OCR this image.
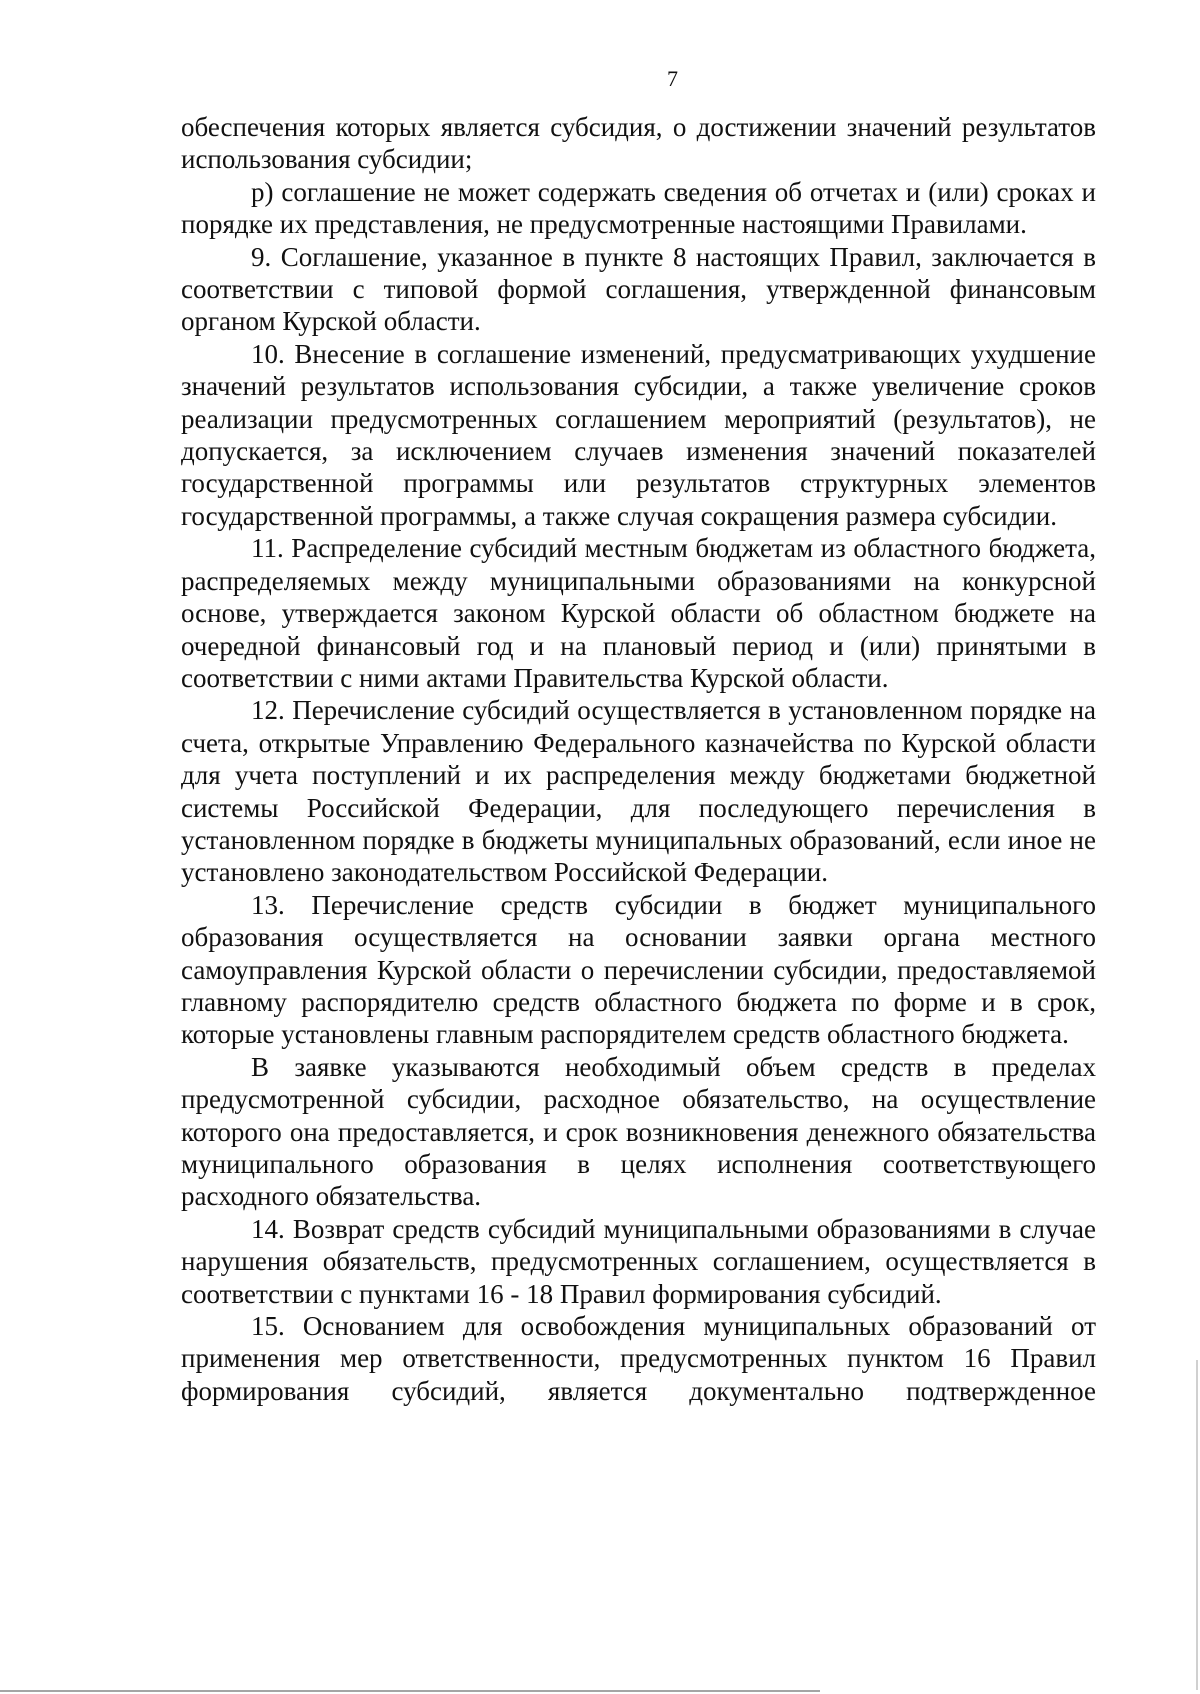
7

обеспечения которых является субсидия, о достижении значений результатов использования субсидии;

р) соглашение не может содержать сведения об отчетах и (или) сроках и порядке их представления, не предусмотренные настоящими Правилами.

9. Соглашение, указанное в пункте 8 настоящих Правил, заключается в соответствии с типовой формой соглашения, утвержденной финансовым органом Курской области.

10. Внесение в соглашение изменений, предусматривающих ухудшение значений результатов использования субсидии, а также увеличение сроков реализации предусмотренных соглашением мероприятий (результатов), не допускается, за исключением случаев изменения значений показателей государственной программы или результатов структурных элементов государственной программы, а также случая сокращения размера субсидии.

11. Распределение субсидий местным бюджетам из областного бюджета, распределяемых между муниципальными образованиями на конкурсной основе, утверждается законом Курской области об областном бюджете на очередной финансовый год и на плановый период и (или) принятыми в соответствии с ними актами Правительства Курской области.

12. Перечисление субсидий осуществляется в установленном порядке на счета, открытые Управлению Федерального казначейства по Курской области для учета поступлений и их распределения между бюджетами бюджетной системы Российской Федерации, для последующего перечисления в установленном порядке в бюджеты муниципальных образований, если иное не установлено законодательством Российской Федерации.

13. Перечисление средств субсидии в бюджет муниципального образования осуществляется на основании заявки органа местного самоуправления Курской области о перечислении субсидии, предоставляемой главному распорядителю средств областного бюджета по форме и в срок, которые установлены главным распорядителем средств областного бюджета.

В заявке указываются необходимый объем средств в пределах предусмотренной субсидии, расходное обязательство, на осуществление которого она предоставляется, и срок возникновения денежного обязательства муниципального образования в целях исполнения соответствующего расходного обязательства.

14. Возврат средств субсидий муниципальными образованиями в случае нарушения обязательств, предусмотренных соглашением, осуществляется в соответствии с пунктами 16 - 18 Правил формирования субсидий.

15. Основанием для освобождения муниципальных образований от применения мер ответственности, предусмотренных пунктом 16 Правил формирования субсидий, является документально подтвержденное
